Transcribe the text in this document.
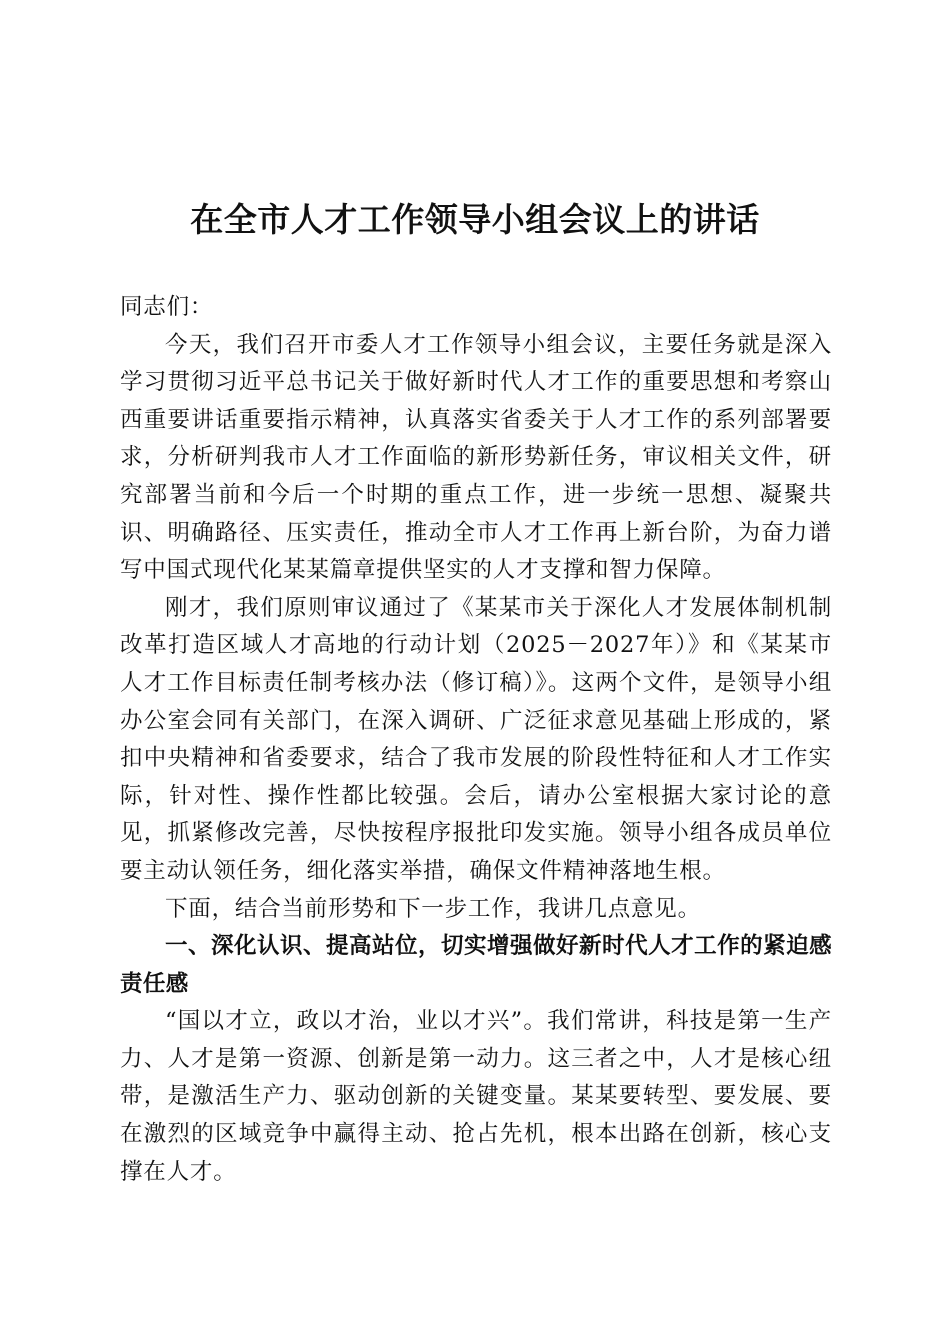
在全市人才工作领导小组会议上的讲话

同志们：

今天，我们召开市委人才工作领导小组会议，主要任务就是深入学习贯彻习近平总书记关于做好新时代人才工作的重要思想和考察山西重要讲话重要指示精神，认真落实省委关于人才工作的系列部署要求，分析研判我市人才工作面临的新形势新任务，审议相关文件，研究部署当前和今后一个时期的重点工作，进一步统一思想、凝聚共识、明确路径、压实责任，推动全市人才工作再上新台阶，为奋力谱写中国式现代化某某篇章提供坚实的人才支撑和智力保障。

刚才，我们原则审议通过了《某某市关于深化人才发展体制机制改革打造区域人才高地的行动计划（2025－2027年）》和《某某市人才工作目标责任制考核办法（修订稿）》。这两个文件，是领导小组办公室会同有关部门，在深入调研、广泛征求意见基础上形成的，紧扣中央精神和省委要求，结合了我市发展的阶段性特征和人才工作实际，针对性、操作性都比较强。会后，请办公室根据大家讨论的意见，抓紧修改完善，尽快按程序报批印发实施。领导小组各成员单位要主动认领任务，细化落实举措，确保文件精神落地生根。

下面，结合当前形势和下一步工作，我讲几点意见。

一、深化认识、提高站位，切实增强做好新时代人才工作的紧迫感责任感

“国以才立，政以才治，业以才兴”。我们常讲，科技是第一生产力、人才是第一资源、创新是第一动力。这三者之中，人才是核心纽带，是激活生产力、驱动创新的关键变量。某某要转型、要发展、要在激烈的区域竞争中赢得主动、抢占先机，根本出路在创新，核心支撑在人才。
